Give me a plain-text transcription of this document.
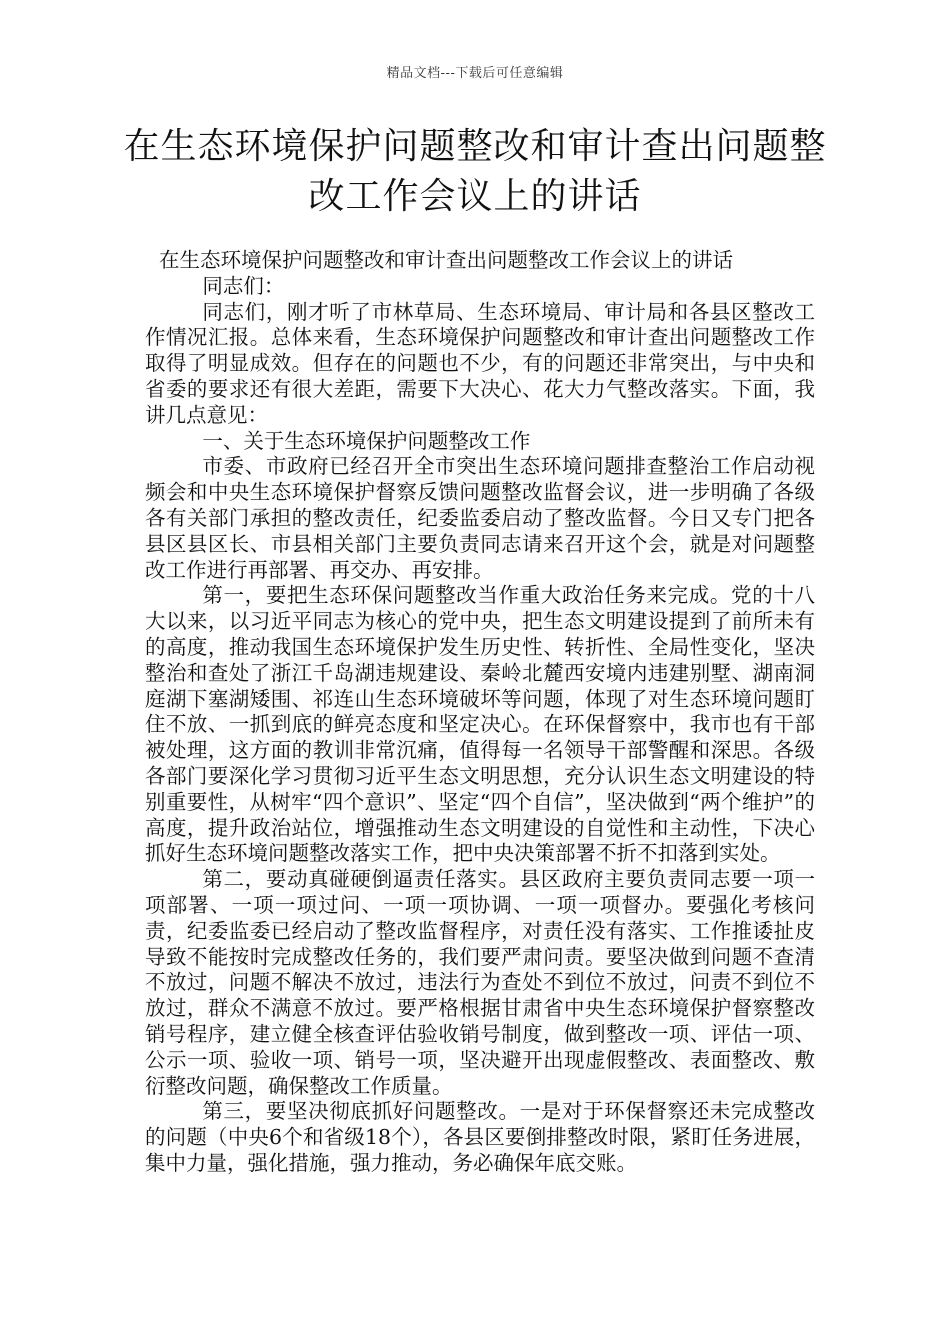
精品文档---下载后可任意编辑
在生态环境保护问题整改和审计查出问题整改工作会议上的讲话

在生态环境保护问题整改和审计查出问题整改工作会议上的讲话

同志们：

同志们，刚才听了市林草局、生态环境局、审计局和各县区整改工作情况汇报。总体来看，生态环境保护问题整改和审计查出问题整改工作取得了明显成效。但存在的问题也不少，有的问题还非常突出，与中央和省委的要求还有很大差距，需要下大决心、花大力气整改落实。下面，我讲几点意见：

一、关于生态环境保护问题整改工作

市委、市政府已经召开全市突出生态环境问题排查整治工作启动视频会和中央生态环境保护督察反馈问题整改监督会议，进一步明确了各级各有关部门承担的整改责任，纪委监委启动了整改监督。今日又专门把各县区县区长、市县相关部门主要负责同志请来召开这个会，就是对问题整改工作进行再部署、再交办、再安排。

第一，要把生态环保问题整改当作重大政治任务来完成。党的十八大以来，以习近平同志为核心的党中央，把生态文明建设提到了前所未有的高度，推动我国生态环境保护发生历史性、转折性、全局性变化，坚决整治和查处了浙江千岛湖违规建设、秦岭北麓西安境内违建别墅、湖南洞庭湖下塞湖矮围、祁连山生态环境破坏等问题，体现了对生态环境问题盯住不放、一抓到底的鲜亮态度和坚定决心。在环保督察中，我市也有干部被处理，这方面的教训非常沉痛，值得每一名领导干部警醒和深思。各级各部门要深化学习贯彻习近平生态文明思想，充分认识生态文明建设的特别重要性，从树牢“四个意识”、坚定“四个自信”，坚决做到“两个维护”的高度，提升政治站位，增强推动生态文明建设的自觉性和主动性，下决心抓好生态环境问题整改落实工作，把中央决策部署不折不扣落到实处。

第二，要动真碰硬倒逼责任落实。县区政府主要负责同志要一项一项部署、一项一项过问、一项一项协调、一项一项督办。要强化考核问责，纪委监委已经启动了整改监督程序，对责任没有落实、工作推诿扯皮导致不能按时完成整改任务的，我们要严肃问责。要坚决做到问题不查清不放过，问题不解决不放过，违法行为查处不到位不放过，问责不到位不放过，群众不满意不放过。要严格根据甘肃省中央生态环境保护督察整改销号程序，建立健全核查评估验收销号制度，做到整改一项、评估一项、公示一项、验收一项、销号一项，坚决避开出现虚假整改、表面整改、敷衍整改问题，确保整改工作质量。

第三，要坚决彻底抓好问题整改。一是对于环保督察还未完成整改的问题（中央6个和省级18个），各县区要倒排整改时限，紧盯任务进展，集中力量，强化措施，强力推动，务必确保年底交账。
